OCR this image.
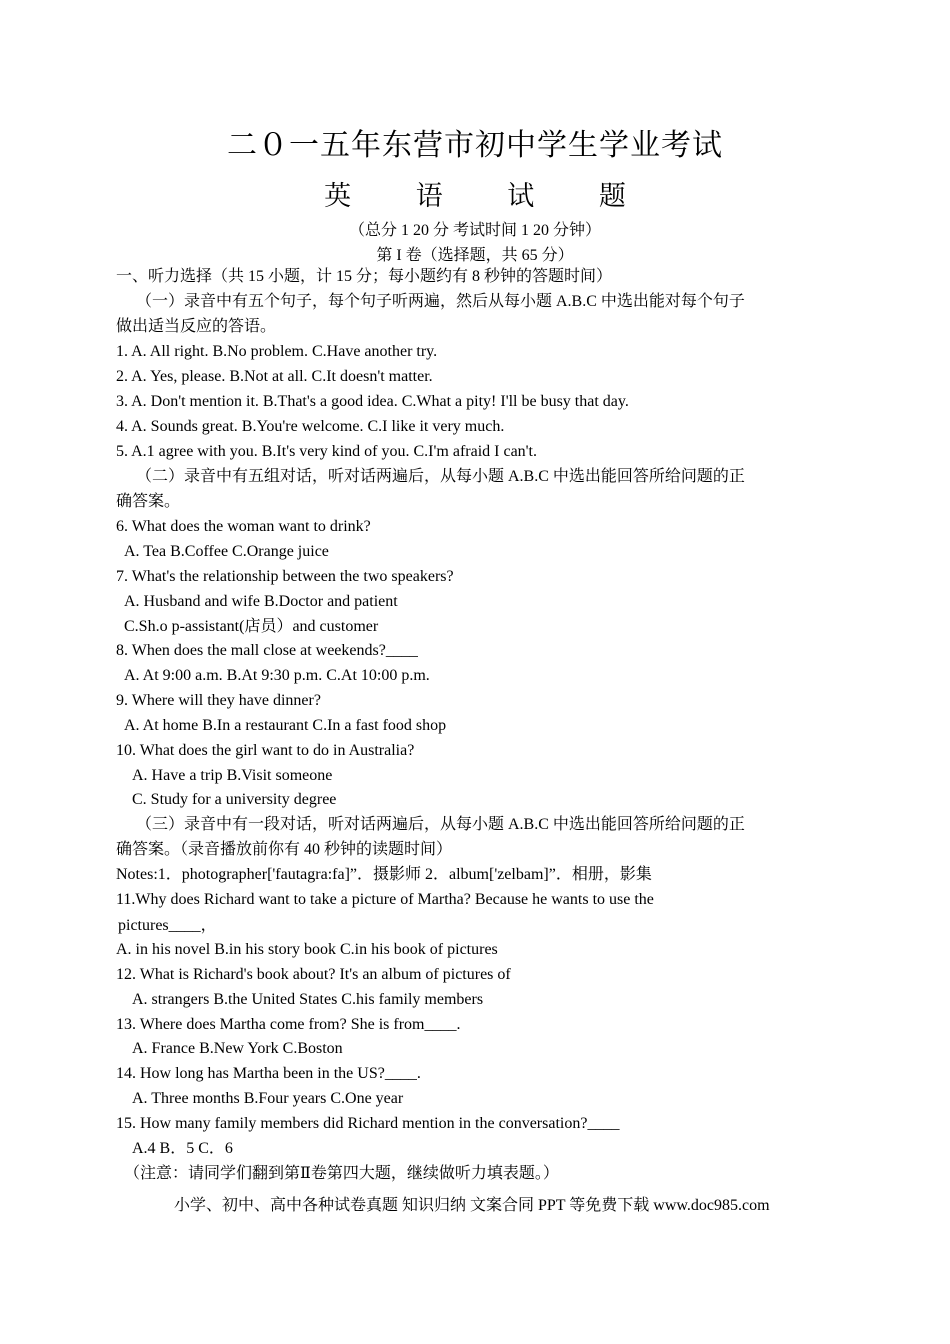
二０一五年东营市初中学生学业考试
英 语 试 题
（总分 1 20 分 考试时间 1 20 分钟）
第 I 卷（选择题，共 65 分）
一、听力选择（共 15 小题，计 15 分；每小题约有 8 秒钟的答题时间）
（一）录音中有五个句子，每个句子听两遍，然后从每小题 A.B.C 中选出能对每个句子
做出适当反应的答语。
1. A. All right. B.No problem. C.Have another try.
2. A. Yes, please. B.Not at all. C.It doesn't matter.
3. A. Don't mention it. B.That's a good idea. C.What a pity! I'll be busy that day.
4. A. Sounds great. B.You're welcome. C.I like it very much.
5. A.1 agree with you. B.It's very kind of you. C.I'm afraid I can't.
（二）录音中有五组对话，听对话两遍后，从每小题 A.B.C 中选出能回答所给问题的正
确答案。
6. What does the woman want to drink?
A. Tea B.Coffee C.Orange juice
7. What's the relationship between the two speakers?
A. Husband and wife B.Doctor and patient
C.Sh.o p-assistant(店员）and customer
8. When does the mall close at weekends?____
A. At 9:00 a.m. B.At 9:30 p.m. C.At 10:00 p.m.
9. Where will they have dinner?
A. At home B.In a restaurant C.In a fast food shop
10. What does the girl want to do in Australia?
A. Have a trip B.Visit someone
C. Study for a university degree
（三）录音中有一段对话，听对话两遍后，从每小题 A.B.C 中选出能回答所给问题的正
确答案。（录音播放前你有 40 秒钟的读题时间）
Notes:1．photographer['fautagra:fa]”．摄影师 2．album['zelbam]”．相册，影集
11.Why does Richard want to take a picture of Martha? Because he wants to use the
pictures____，
A. in his novel B.in his story book C.in his book of pictures
12. What is Richard's book about? It's an album of pictures of
A. strangers B.the United States C.his family members
13. Where does Martha come from? She is from____.
A. France B.New York C.Boston
14. How long has Martha been in the US?____.
A. Three months B.Four years C.One year
15. How many family members did Richard mention in the conversation?____
A.4 B．5 C．6
（注意：请同学们翻到第Ⅱ卷第四大题，继续做听力填表题。）
小学、初中、高中各种试卷真题 知识归纳 文案合同 PPT 等免费下载 www.doc985.com
